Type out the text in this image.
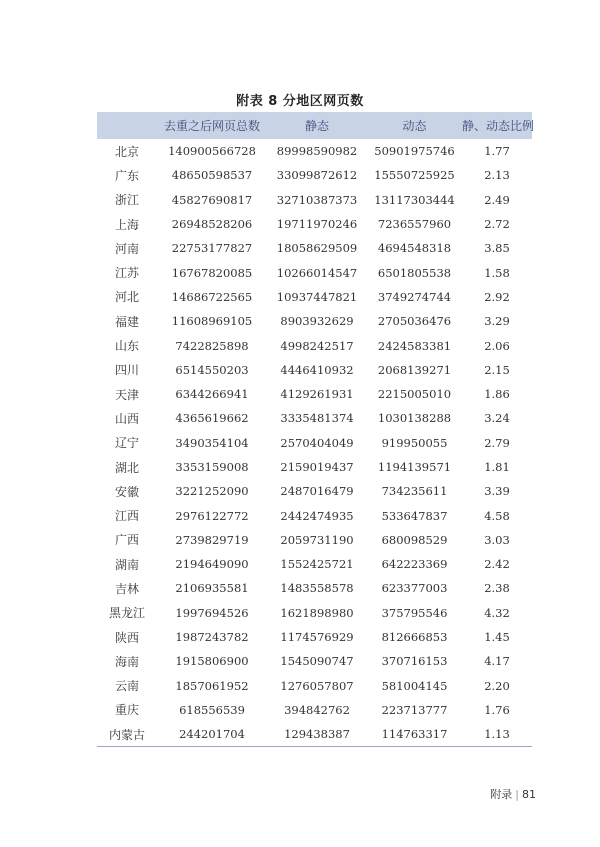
附表 8 分地区网页数
	去重之后网页总数	静态	动态	静、动态比例
北京	140900566728	89998590982	50901975746	1.77
广东	48650598537	33099872612	15550725925	2.13
浙江	45827690817	32710387373	13117303444	2.49
上海	26948528206	19711970246	7236557960	2.72
河南	22753177827	18058629509	4694548318	3.85
江苏	16767820085	10266014547	6501805538	1.58
河北	14686722565	10937447821	3749274744	2.92
福建	11608969105	8903932629	2705036476	3.29
山东	7422825898	4998242517	2424583381	2.06
四川	6514550203	4446410932	2068139271	2.15
天津	6344266941	4129261931	2215005010	1.86
山西	4365619662	3335481374	1030138288	3.24
辽宁	3490354104	2570404049	919950055	2.79
湖北	3353159008	2159019437	1194139571	1.81
安徽	3221252090	2487016479	734235611	3.39
江西	2976122772	2442474935	533647837	4.58
广西	2739829719	2059731190	680098529	3.03
湖南	2194649090	1552425721	642223369	2.42
吉林	2106935581	1483558578	623377003	2.38
黑龙江	1997694526	1621898980	375795546	4.32
陕西	1987243782	1174576929	812666853	1.45
海南	1915806900	1545090747	370716153	4.17
云南	1857061952	1276057807	581004145	2.20
重庆	618556539	394842762	223713777	1.76
内蒙古	244201704	129438387	114763317	1.13
附录 | 81
